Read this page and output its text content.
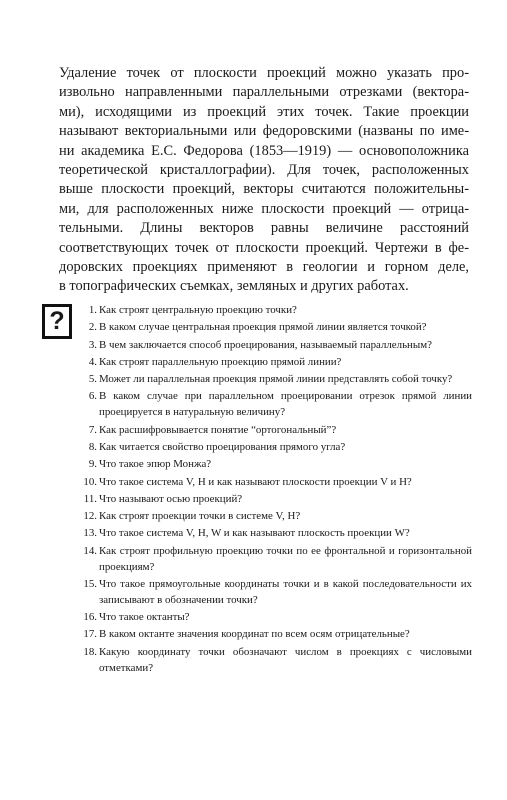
Удаление точек от плоскости проекций можно указать про-
извольно направленными параллельными отрезками (вектора-
ми), исходящими из проекций этих точек. Такие проекции
называют векториальными или федоровскими (названы по име-
ни академика Е.С. Федорова (1853—1919) — основоположника
теоретической кристаллографии). Для точек, расположенных
выше плоскости проекций, векторы считаются положительны-
ми, для расположенных ниже плоскости проекций — отрица-
тельными. Длины векторов равны величине расстояний
соответствующих точек от плоскости проекций. Чертежи в фе-
доровских проекциях применяют в геологии и горном деле,
в топографических съемках, земляных и других работах.
?	1. Как строят центральную проекцию точки?
2. В каком случае центральная проекция прямой линии является точкой?
3. В чем заключается способ проецирования, называемый параллельным?
4. Как строят параллельную проекцию прямой линии?
5. Может ли параллельная проекция прямой линии представлять собой точку?
6. В каком случае при параллельном проецировании отрезок прямой линии проецируется в натуральную величину?
7. Как расшифровывается понятие “ортогональный”?
8. Как читается свойство проецирования прямого угла?
9. Что такое эпюр Монжа?
10. Что такое система V, H и как называют плоскости проекции V и H?
11. Что называют осью проекций?
12. Как строят проекции точки в системе V, H?
13. Что такое система V, H, W и как называют плоскость проекции W?
14. Как строят профильную проекцию точки по ее фронтальной и горизонтальной проекциям?
15. Что такое прямоугольные координаты точки и в какой последовательности их записывают в обозначении точки?
16. Что такое октанты?
17. В каком октанте значения координат по всем осям отрицательные?
18. Какую координату точки обозначают числом в проекциях с числовыми отметками?
